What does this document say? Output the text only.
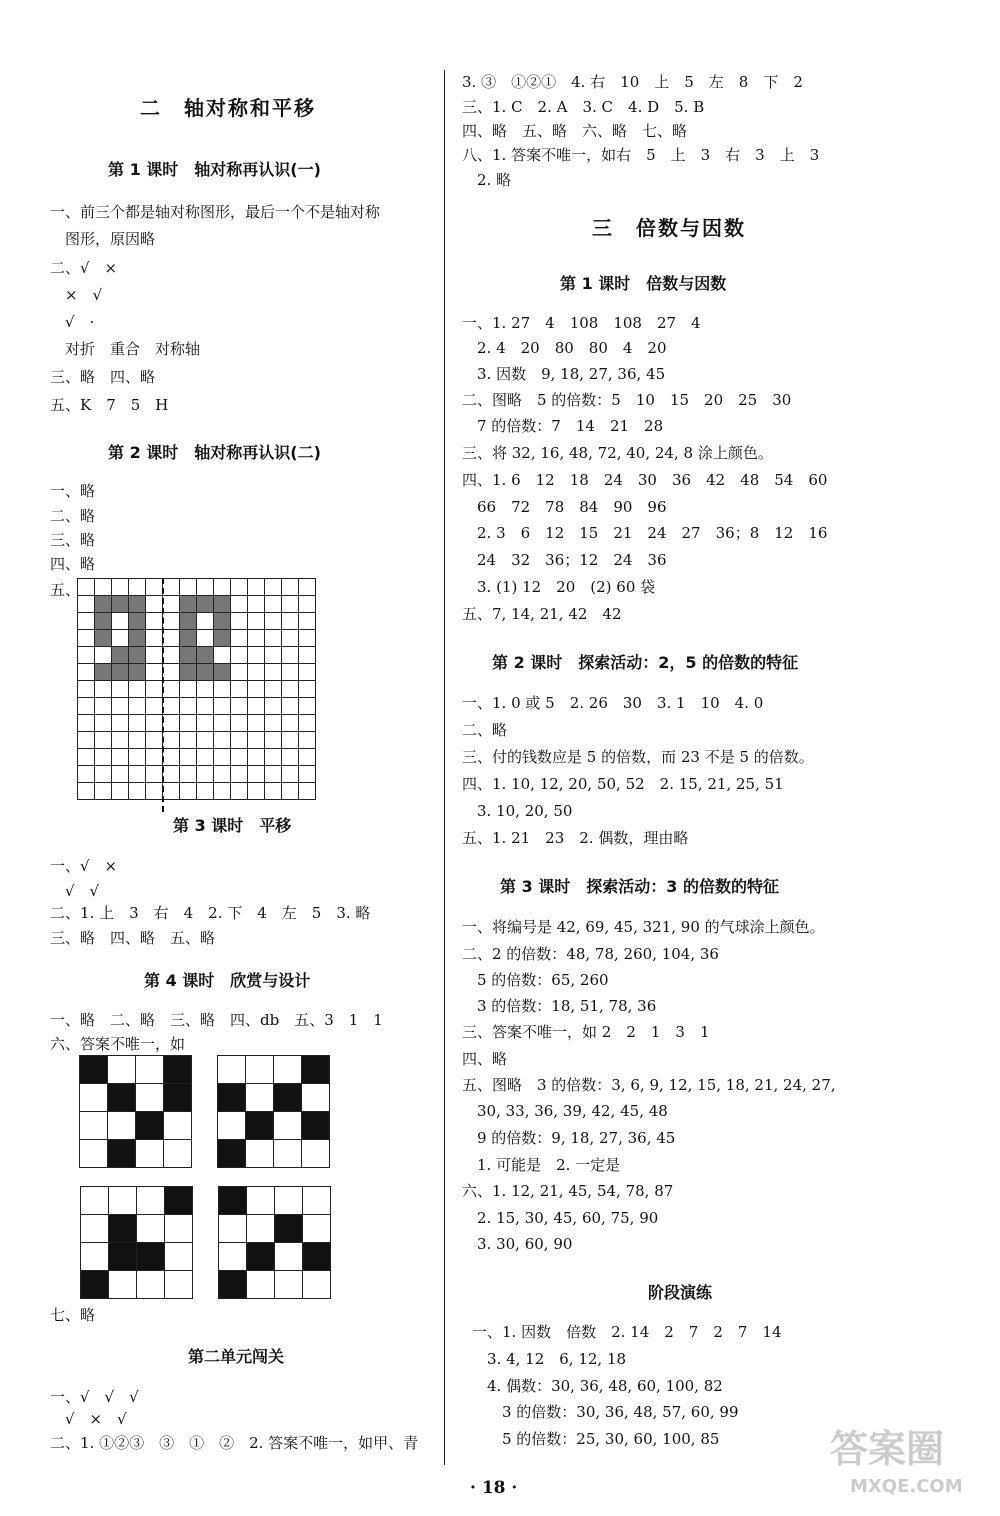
二　轴对称和平移
第 1 课时　轴对称再认识(一)
一、前三个都是轴对称图形，最后一个不是轴对称
　图形，原因略
二、√　×
　×　√
　√　·
　对折　重合　对称轴
三、略　四、略
五、K　7　5　H
第 2 课时　轴对称再认识(二)
一、略
二、略
三、略
四、略
五、

第 3 课时　平移
一、√　×
　√　√
二、1. 上　3　右　4　2. 下　4　左　5　3. 略
三、略　四、略　五、略
第 4 课时　欣赏与设计
一、略　二、略　三、略　四、db　五、3　1　1
六、答案不唯一，如

七、略
第二单元闯关
一、√　√　√
　√　×　√
二、1. ①②③　③　①　②　2. 答案不唯一，如甲、青
3. ③　①②①　4. 右　10　上　5　左　8　下　2
三、1. C　2. A　3. C　4. D　5. B
四、略　五、略　六、略　七、略
八、1. 答案不唯一，如右　5　上　3　右　3　上　3
　2. 略
三　倍数与因数
第 1 课时　倍数与因数
一、1. 27　4　108　108　27　4
　2. 4　20　80　80　4　20
　3. 因数　9, 18, 27, 36, 45
二、图略　5 的倍数：5　10　15　20　25　30
　7 的倍数：7　14　21　28
三、将 32, 16, 48, 72, 40, 24, 8 涂上颜色。
四、1. 6　12　18　24　30　36　42　48　54　60
　66　72　78　84　90　96
　2. 3　6　12　15　21　24　27　36；8　12　16
　24　32　36；12　24　36
　3. (1) 12　20　(2) 60 袋
五、7, 14, 21, 42　42
第 2 课时　探索活动：2，5 的倍数的特征
一、1. 0 或 5　2. 26　30　3. 1　10　4. 0
二、略
三、付的钱数应是 5 的倍数，而 23 不是 5 的倍数。
四、1. 10, 12, 20, 50, 52　2. 15, 21, 25, 51
　3. 10, 20, 50
五、1. 21　23　2. 偶数，理由略
第 3 课时　探索活动：3 的倍数的特征
一、将编号是 42, 69, 45, 321, 90 的气球涂上颜色。
二、2 的倍数：48, 78, 260, 104, 36
　5 的倍数：65, 260
　3 的倍数：18, 51, 78, 36
三、答案不唯一，如 2　2　1　3　1
四、略
五、图略　3 的倍数：3, 6, 9, 12, 15, 18, 21, 24, 27,
　30, 33, 36, 39, 42, 45, 48
　9 的倍数：9, 18, 27, 36, 45
　1. 可能是　2. 一定是
六、1. 12, 21, 45, 54, 78, 87
　2. 15, 30, 45, 60, 75, 90
　3. 30, 60, 90
阶段演练
一、1. 因数　倍数　2. 14　2　7　2　7　14
　3. 4, 12　6, 12, 18
　4. 偶数：30, 36, 48, 60, 100, 82
　　3 的倍数：30, 36, 48, 57, 60, 99
　　5 的倍数：25, 30, 60, 100, 85
· 18 ·
答案圈
MXQE.COM
